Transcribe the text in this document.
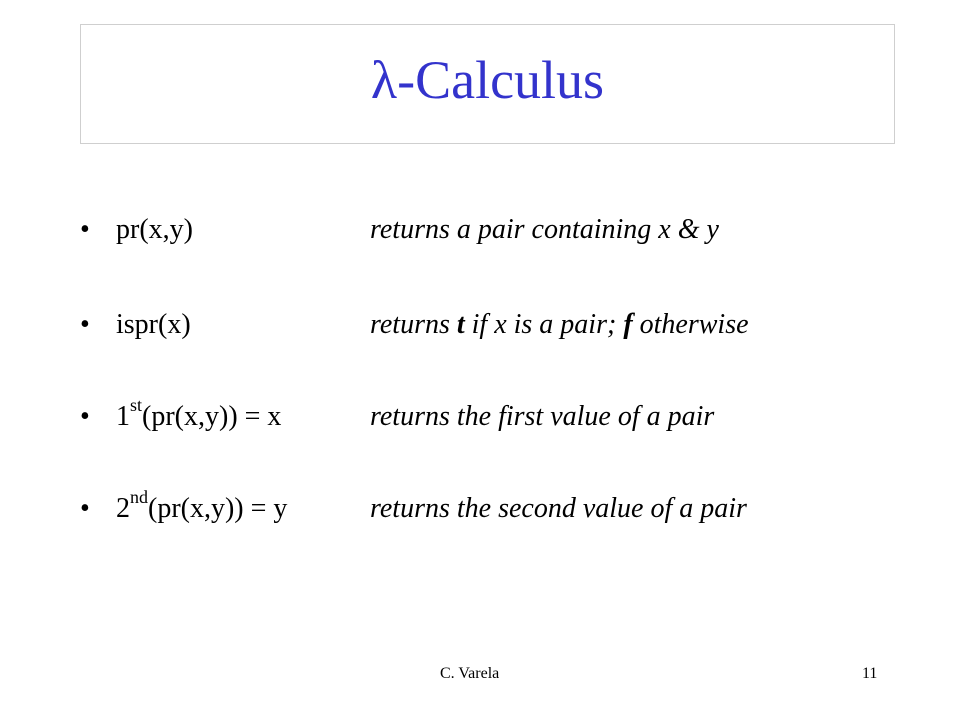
λ-Calculus
• pr(x,y)	returns a pair containing x & y
• ispr(x)	returns t if x is a pair; f otherwise
• 1st(pr(x,y)) = x	returns the first value of a pair
• 2nd(pr(x,y)) = y	returns the second value of a pair
C. Varela	11
